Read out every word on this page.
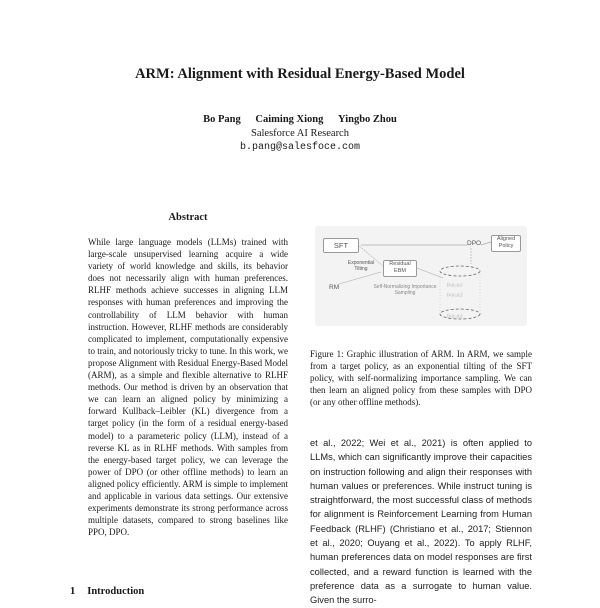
ARM: Alignment with Residual Energy-Based Model
Bo Pang Caiming Xiong Yingbo Zhou
Salesforce AI Research
b.pang@salesfoce.com
Abstract
While large language models (LLMs) trained with large-scale unsupervised learning acquire a wide variety of world knowledge and skills, its behavior does not necessarily align with human preferences. RLHF methods achieve successes in aligning LLM responses with human preferences and improving the controllability of LLM behavior with human instruction. However, RLHF methods are considerably complicated to implement, computationally expensive to train, and notoriously tricky to tune. In this work, we propose Alignment with Residual Energy-Based Model (ARM), as a simple and flexible alternative to RLHF methods. Our method is driven by an observation that we can learn an aligned policy by minimizing a forward Kullback–Leibler (KL) divergence from a target policy (in the form of a residual energy-based model) to a parameteric policy (LLM), instead of a reverse KL as in RLHF methods. With samples from the energy-based target policy, we can leverage the power of DPO (or other offline methods) to learn an aligned policy efficiently. ARM is simple to implement and applicable in various data settings. Our extensive experiments demonstrate its strong performance across multiple datasets, compared to strong baselines like PPO, DPO.
1 Introduction
(x,y₁,y₂)
(x,y₁,y₂)
(x,y₁,y₂)
SFT	DPO
Aligned Policy
Exponential Tilting
Residual EBM
RM	Self-Normalizing Importance Sampling
Figure 1: Graphic illustration of ARM. In ARM, we sample from a target policy, as an exponential tilting of the SFT policy, with self-normalizing importance sampling. We can then learn an aligned policy from these samples with DPO (or any other offline methods).
et al., 2022; Wei et al., 2021) is often applied to LLMs, which can significantly improve their capacities on instruction following and align their responses with human values or preferences. While instruct tuning is straightforward, the most successful class of methods for alignment is Reinforcement Learning from Human Feedback (RLHF) (Christiano et al., 2017; Stiennon et al., 2020; Ouyang et al., 2022). To apply RLHF, human preferences data on model responses are first collected, and a reward function is learned with the preference data as a surrogate to human value. Given the surro-
